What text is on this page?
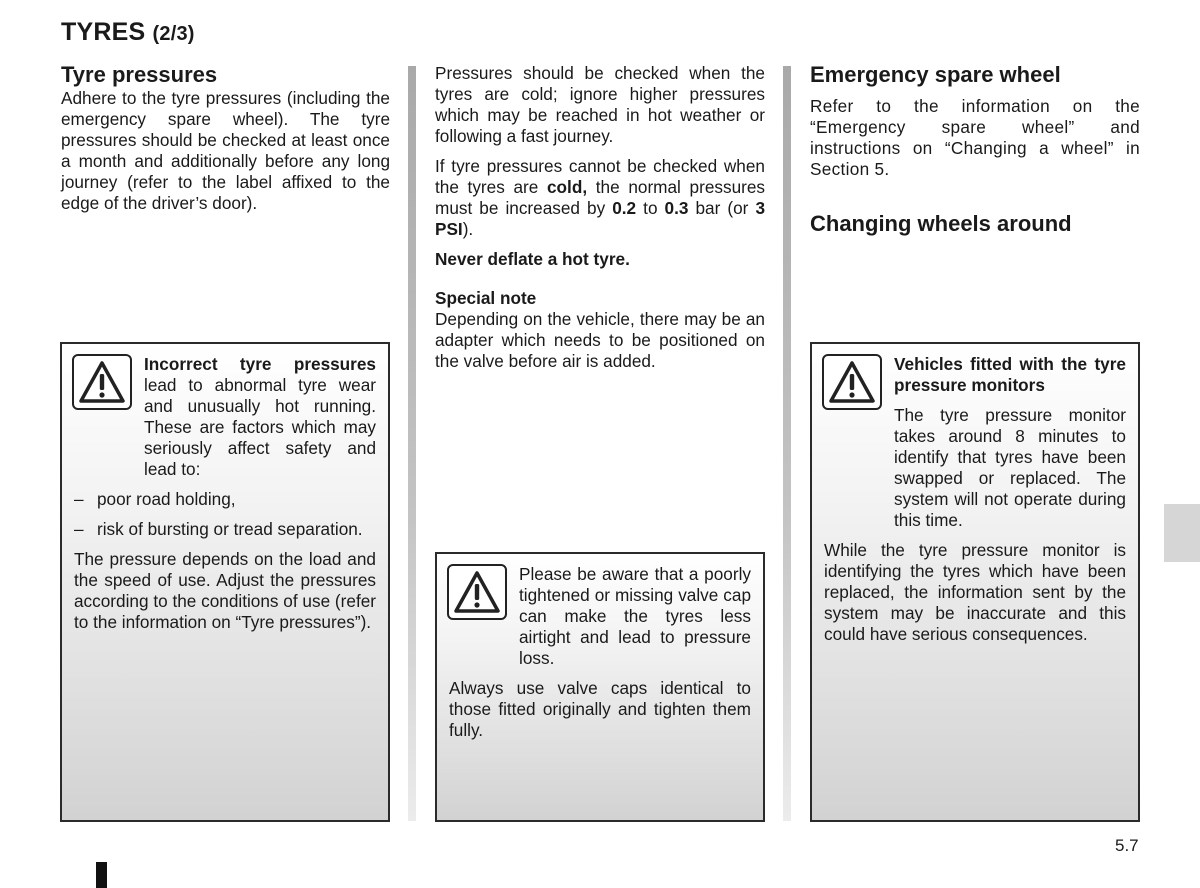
TYRES (2/3)
Tyre pressures

Adhere to the tyre pressures (including the emergency spare wheel). The tyre pressures should be checked at least once a month and additionally before any long journey (refer to the label affixed to the edge of the driver’s door).

Incorrect tyre pressures lead to abnormal tyre wear and unusually hot running. These are factors which may seriously affect safety and lead to:

– poor road holding,
– risk of bursting or tread separation.

The pressure depends on the load and the speed of use. Adjust the pressures according to the conditions of use (refer to the information on “Tyre pressures”).

Pressures should be checked when the tyres are cold; ignore higher pressures which may be reached in hot weather or following a fast journey.

If tyre pressures cannot be checked when the tyres are cold, the normal pressures must be increased by 0.2 to 0.3 bar (or 3 PSI).

Never deflate a hot tyre.

Special note

Depending on the vehicle, there may be an adapter which needs to be positioned on the valve before air is added.

Please be aware that a poorly tightened or missing valve cap can make the tyres less airtight and lead to pressure loss.

Always use valve caps identical to those fitted originally and tighten them fully.

Emergency spare wheel

Refer to the information on the “Emergency spare wheel” and instructions on “Changing a wheel” in Section 5.

Changing wheels around

Vehicles fitted with the tyre pressure monitors

The tyre pressure monitor takes around 8 minutes to identify that tyres have been swapped or replaced. The system will not operate during this time.

While the tyre pressure monitor is identifying the tyres which have been replaced, the information sent by the system may be inaccurate and this could have serious consequences.

5.7
